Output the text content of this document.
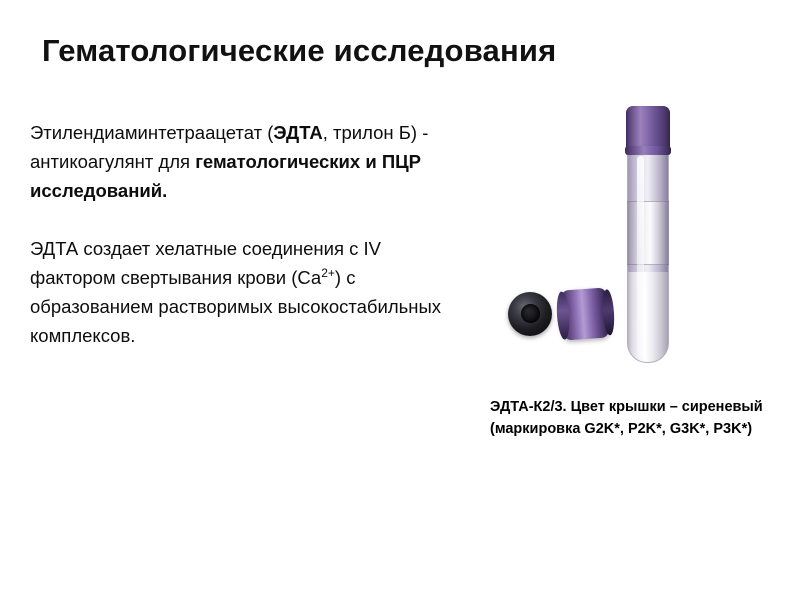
Гематологические исследования

Этилендиаминтетраацетат (ЭДТА, трилон Б) - антикоагулянт для гематологических и ПЦР исследований.

ЭДТА создает хелатные соединения с IV фактором свертывания крови $(Са^{2+})$ с образованием растворимых высокостабильных комплексов.

ЭДТА-К2/3. Цвет крышки – сиреневый (маркировка G2K*, P2K*, G3K*, P3K*)
